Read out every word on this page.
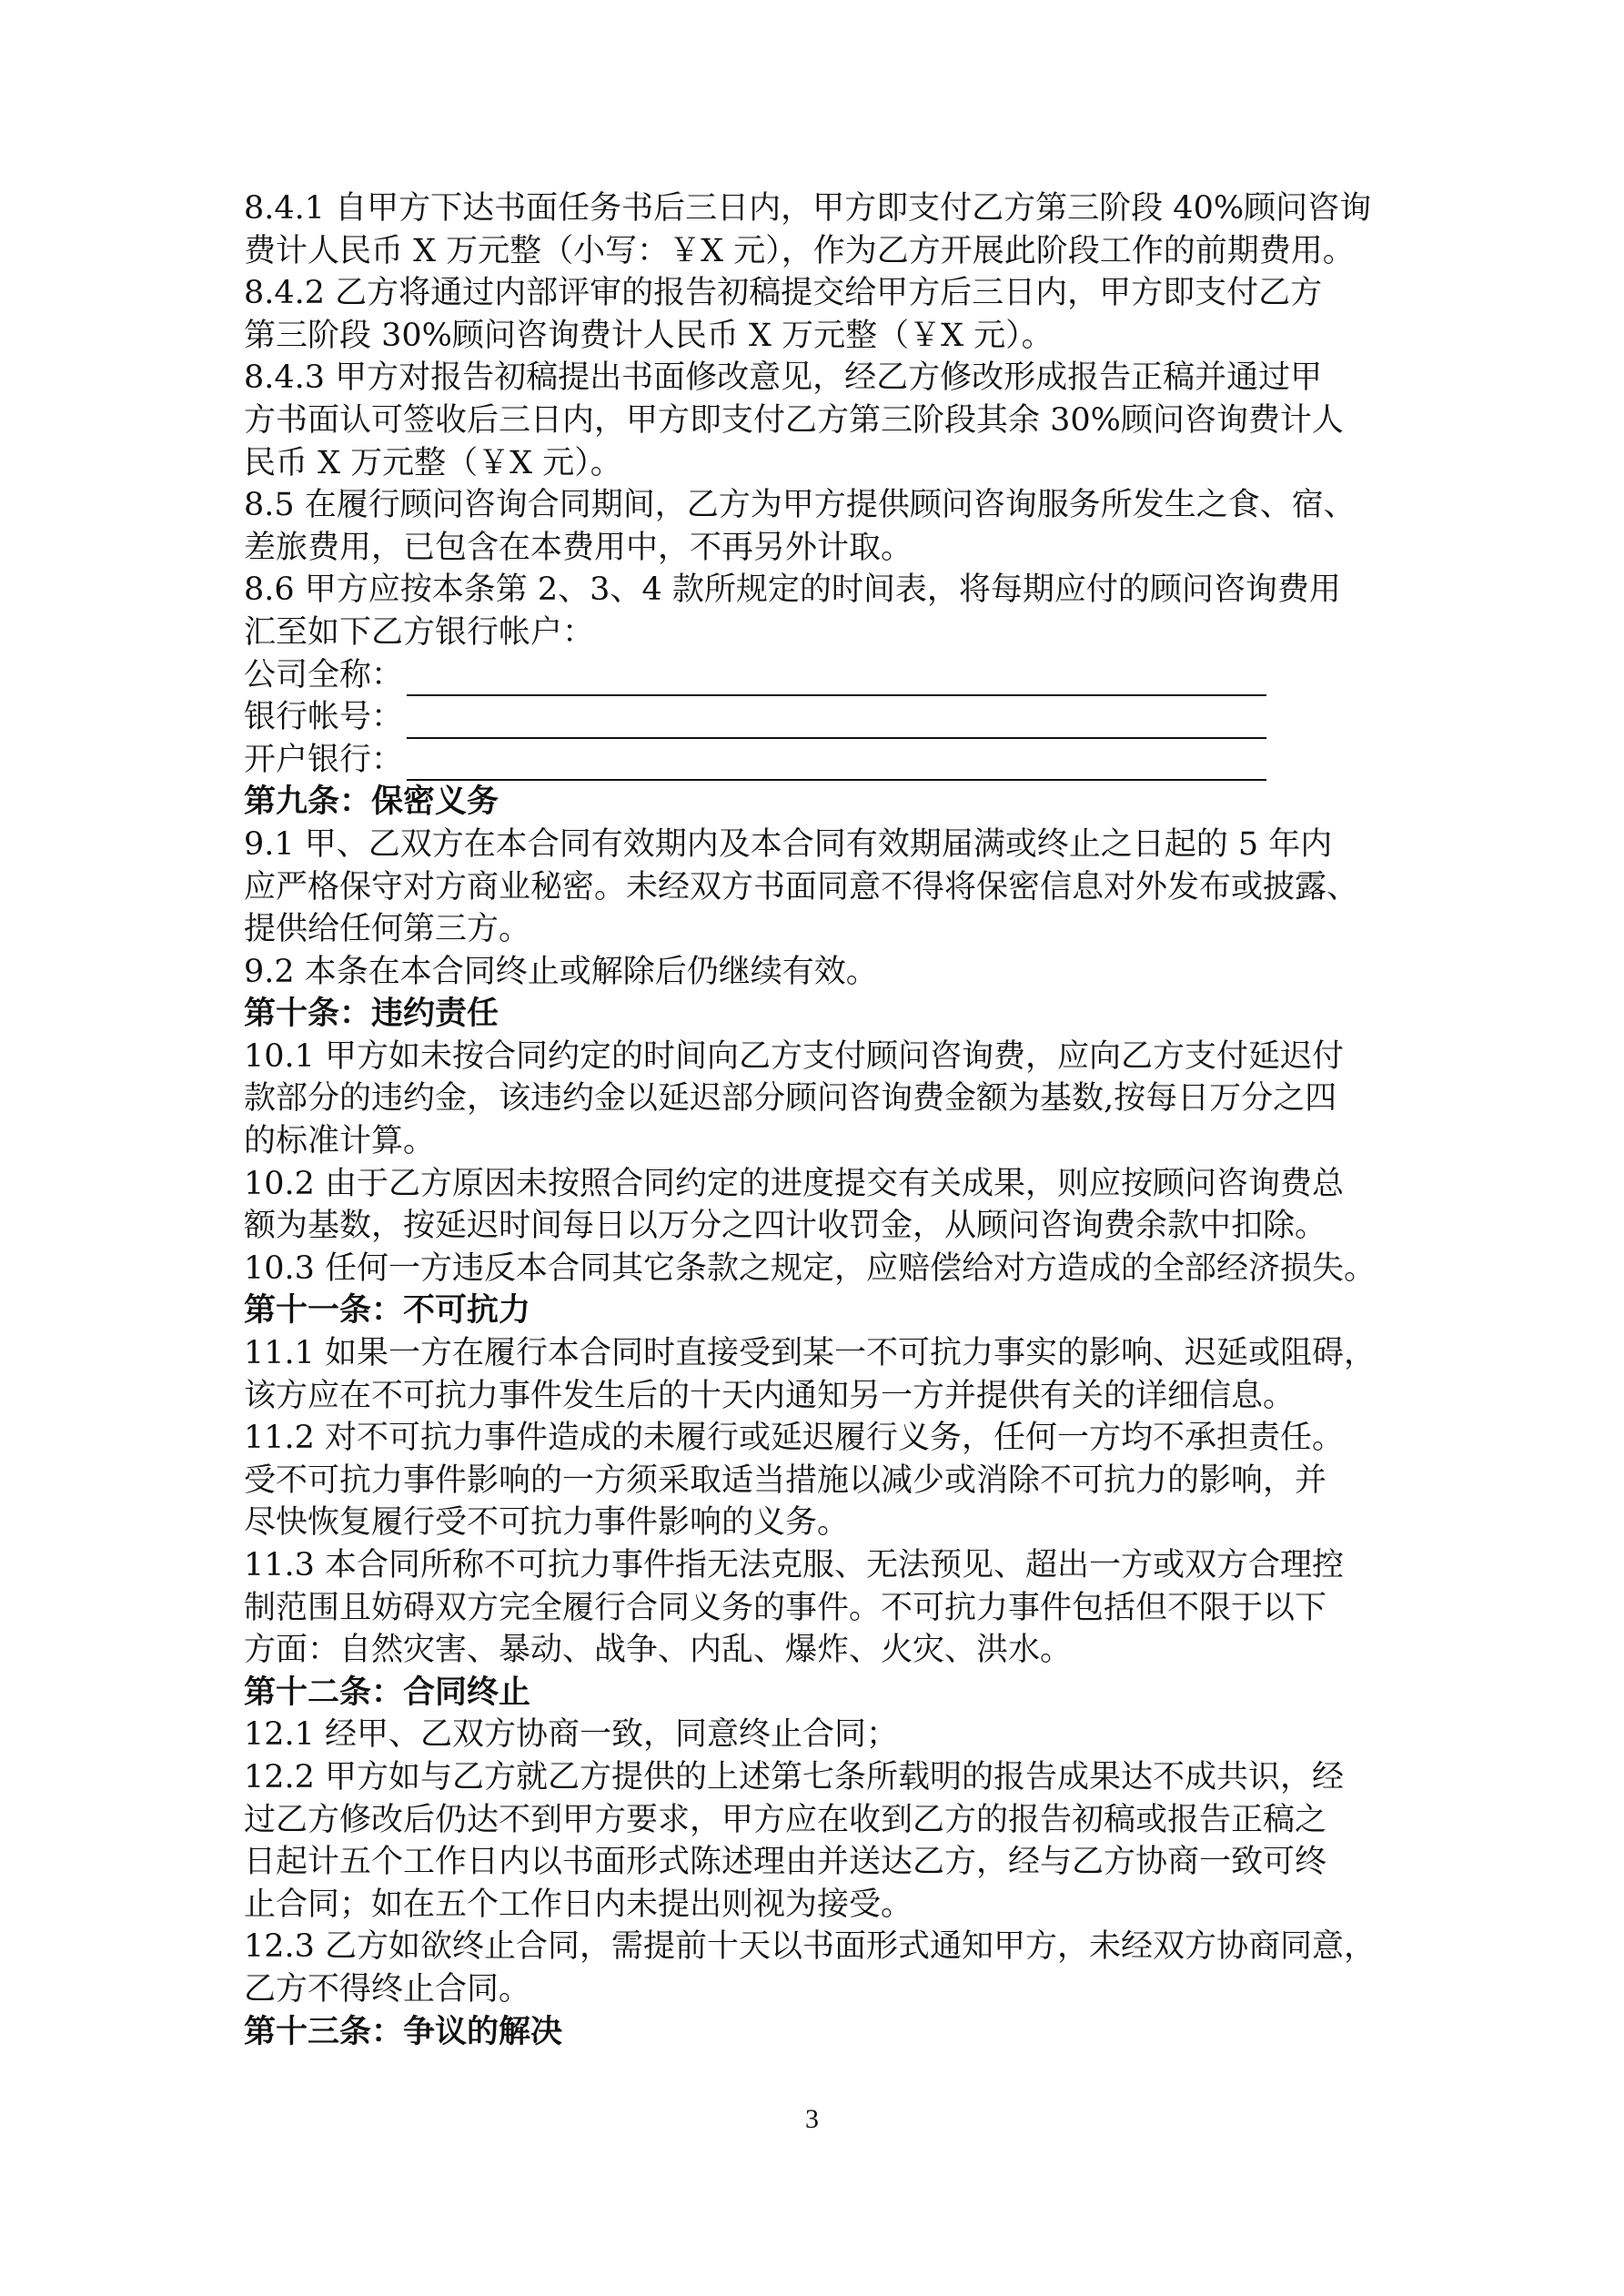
8.4.1 自甲方下达书面任务书后三日内，甲方即支付乙方第三阶段 40%顾问咨询
费计人民币 X 万元整（小写：￥X 元），作为乙方开展此阶段工作的前期费用。
8.4.2 乙方将通过内部评审的报告初稿提交给甲方后三日内，甲方即支付乙方
第三阶段 30%顾问咨询费计人民币 X 万元整（￥X 元）。
8.4.3 甲方对报告初稿提出书面修改意见，经乙方修改形成报告正稿并通过甲
方书面认可签收后三日内，甲方即支付乙方第三阶段其余 30%顾问咨询费计人
民币 X 万元整（￥X 元）。
8.5 在履行顾问咨询合同期间，乙方为甲方提供顾问咨询服务所发生之食、宿、
差旅费用，已包含在本费用中，不再另外计取。
8.6 甲方应按本条第 2、3、4 款所规定的时间表，将每期应付的顾问咨询费用
汇至如下乙方银行帐户：
公司全称：
银行帐号：
开户银行：
第九条：保密义务
9.1 甲、乙双方在本合同有效期内及本合同有效期届满或终止之日起的 5 年内
应严格保守对方商业秘密。未经双方书面同意不得将保密信息对外发布或披露、
提供给任何第三方。
9.2 本条在本合同终止或解除后仍继续有效。
第十条：违约责任
10.1 甲方如未按合同约定的时间向乙方支付顾问咨询费，应向乙方支付延迟付
款部分的违约金，该违约金以延迟部分顾问咨询费金额为基数,按每日万分之四
的标准计算。
10.2 由于乙方原因未按照合同约定的进度提交有关成果，则应按顾问咨询费总
额为基数，按延迟时间每日以万分之四计收罚金，从顾问咨询费余款中扣除。
10.3 任何一方违反本合同其它条款之规定，应赔偿给对方造成的全部经济损失。
第十一条：不可抗力
11.1 如果一方在履行本合同时直接受到某一不可抗力事实的影响、迟延或阻碍，
该方应在不可抗力事件发生后的十天内通知另一方并提供有关的详细信息。
11.2 对不可抗力事件造成的未履行或延迟履行义务，任何一方均不承担责任。
受不可抗力事件影响的一方须采取适当措施以减少或消除不可抗力的影响，并
尽快恢复履行受不可抗力事件影响的义务。
11.3 本合同所称不可抗力事件指无法克服、无法预见、超出一方或双方合理控
制范围且妨碍双方完全履行合同义务的事件。不可抗力事件包括但不限于以下
方面：自然灾害、暴动、战争、内乱、爆炸、火灾、洪水。
第十二条：合同终止
12.1 经甲、乙双方协商一致，同意终止合同；
12.2 甲方如与乙方就乙方提供的上述第七条所载明的报告成果达不成共识，经
过乙方修改后仍达不到甲方要求，甲方应在收到乙方的报告初稿或报告正稿之
日起计五个工作日内以书面形式陈述理由并送达乙方，经与乙方协商一致可终
止合同；如在五个工作日内未提出则视为接受。
12.3 乙方如欲终止合同，需提前十天以书面形式通知甲方，未经双方协商同意，
乙方不得终止合同。
第十三条：争议的解决
3
